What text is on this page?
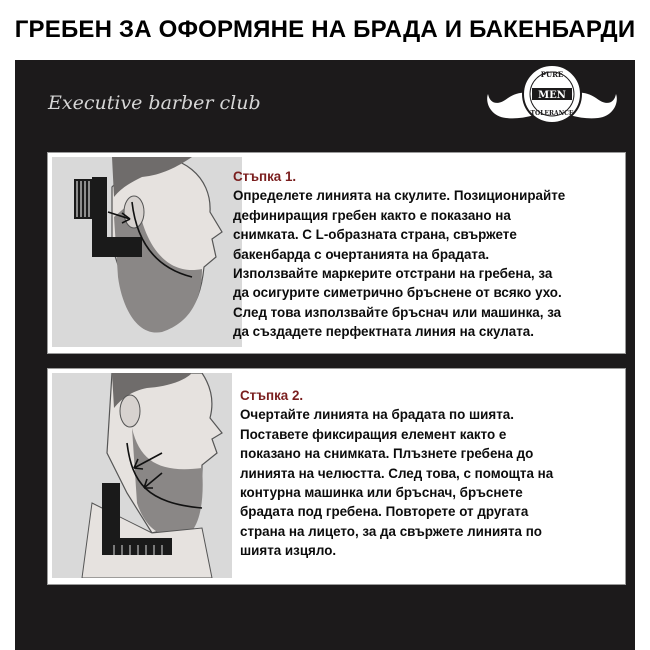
ГРЕБЕН ЗА ОФОРМЯНЕ НА БРАДА И БАКЕНБАРДИ
Executive barber club
PURE
MEN
TOLERANCE
Стъпка 1.
Определете линията на скулите. Позиционирайте
дефиниращия гребен както е показано на
снимката. С L-образната страна, свържете
бакенбарда с очертанията на брадата.
Използвайте маркерите отстрани на гребена, за
да осигурите симетрично бръснене от всяко ухо.
След това използвайте бръснач или машинка, за
да създадете перфектната линия на скулата.
Стъпка 2.
Очертайте линията на брадата по шията.
Поставете фиксиращия елемент както е
показано на снимката. Плъзнете гребена до
линията на челюстта. След това, с помощта на
контурна машинка или бръснач, бръснете
брадата под гребена. Повторете от другата
страна на лицето, за да свържете линията по
шията изцяло.
